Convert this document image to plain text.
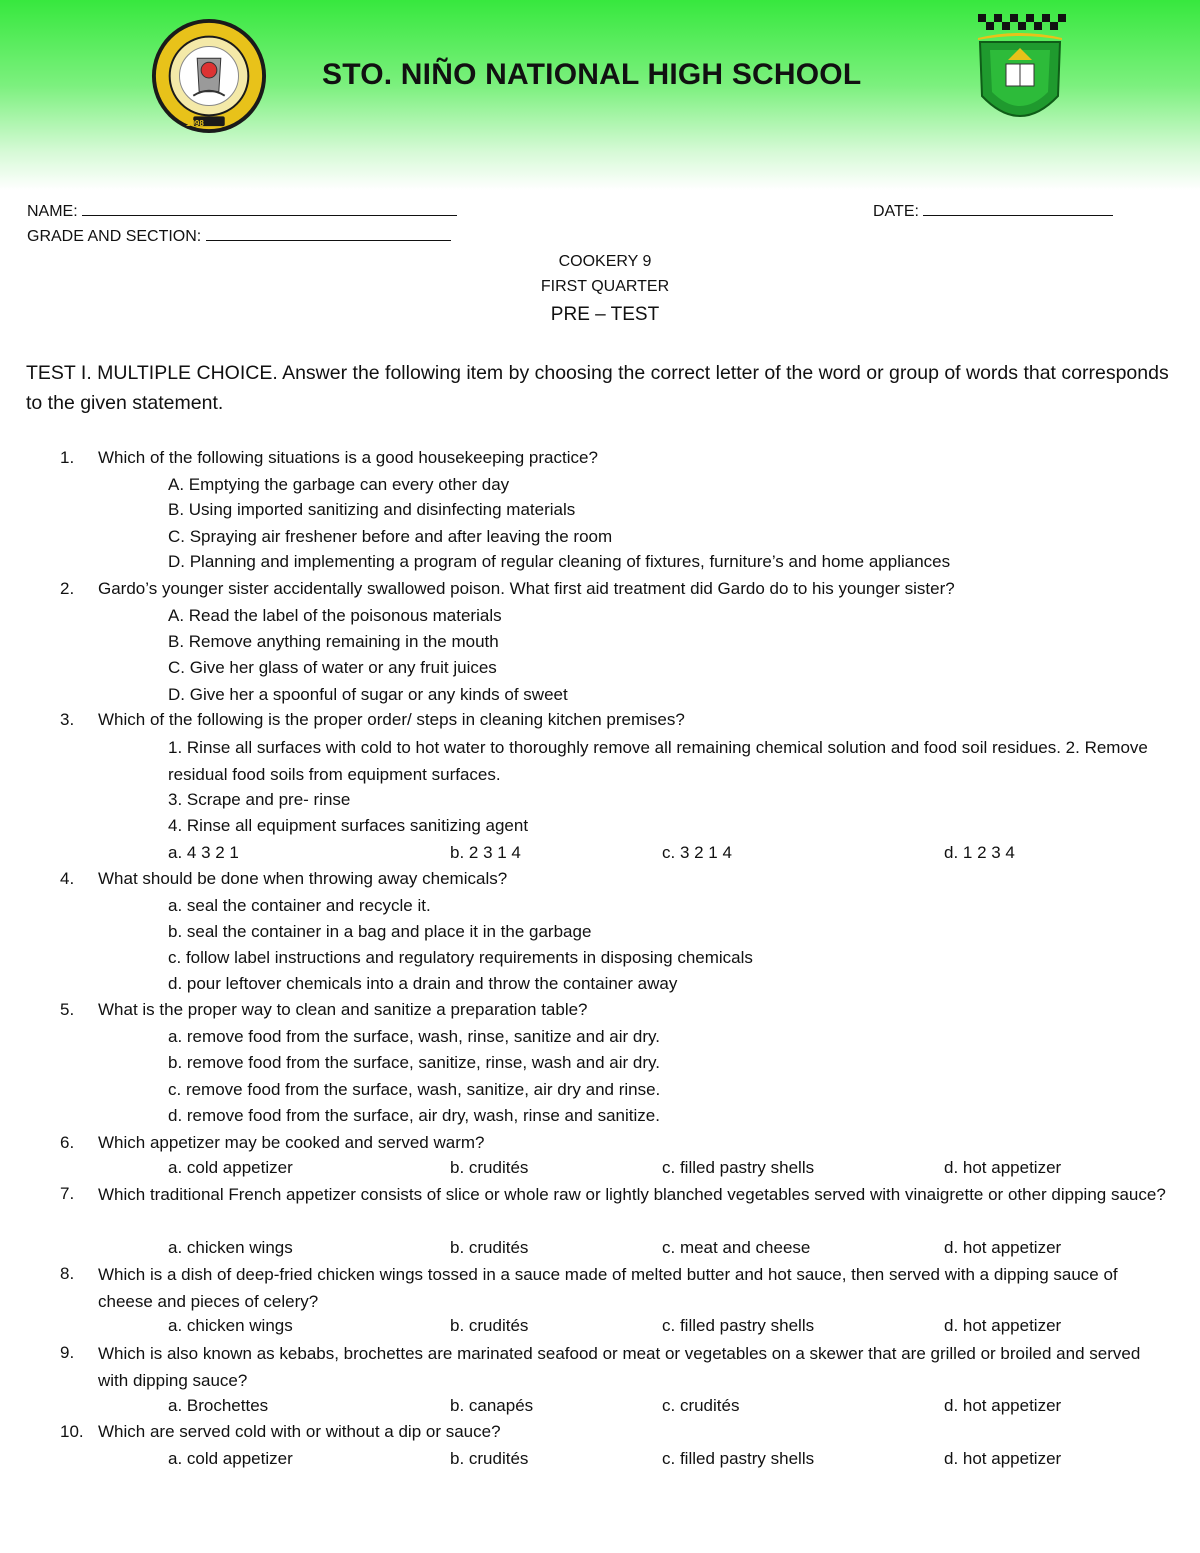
1998
STO. NIÑO NATIONAL HIGH SCHOOL
NAME:	DATE:
GRADE AND SECTION:
COOKERY 9
FIRST QUARTER
PRE – TEST
TEST I. MULTIPLE CHOICE. Answer the following item by choosing the correct letter of the word or group of words that corresponds to the given statement.
1. Which of the following situations is a good housekeeping practice?
A. Emptying the garbage can every other day
B. Using imported sanitizing and disinfecting materials
C. Spraying air freshener before and after leaving the room
D. Planning and implementing a program of regular cleaning of fixtures, furniture’s and home appliances
2. Gardo’s younger sister accidentally swallowed poison. What first aid treatment did Gardo do to his younger sister?
A. Read the label of the poisonous materials
B. Remove anything remaining in the mouth
C. Give her glass of water or any fruit juices
D. Give her a spoonful of sugar or any kinds of sweet
3. Which of the following is the proper order/ steps in cleaning kitchen premises?
1. Rinse all surfaces with cold to hot water to thoroughly remove all remaining chemical solution and food soil residues. 2. Remove residual food soils from equipment surfaces.
3. Scrape and pre- rinse
4. Rinse all equipment surfaces sanitizing agent
a. 4 3 2 1	b. 2 3 1 4	c. 3 2 1 4	d. 1 2 3 4
4. What should be done when throwing away chemicals?
a. seal the container and recycle it.
b. seal the container in a bag and place it in the garbage
c. follow label instructions and regulatory requirements in disposing chemicals
d. pour leftover chemicals into a drain and throw the container away
5. What is the proper way to clean and sanitize a preparation table?
a. remove food from the surface, wash, rinse, sanitize and air dry.
b. remove food from the surface, sanitize, rinse, wash and air dry.
c. remove food from the surface, wash, sanitize, air dry and rinse.
d. remove food from the surface, air dry, wash, rinse and sanitize.
6. Which appetizer may be cooked and served warm?
a. cold appetizer	b. crudités	c. filled pastry shells	d. hot appetizer
7. Which traditional French appetizer consists of slice or whole raw or lightly blanched vegetables served with vinaigrette or other dipping sauce?
a. chicken wings	b. crudités	c. meat and cheese	d. hot appetizer
8. Which is a dish of deep-fried chicken wings tossed in a sauce made of melted butter and hot sauce, then served with a dipping sauce of cheese and pieces of celery?
a. chicken wings	b. crudités	c. filled pastry shells	d. hot appetizer
9. Which is also known as kebabs, brochettes are marinated seafood or meat or vegetables on a skewer that are grilled or broiled and served with dipping sauce?
a. Brochettes	b. canapés	c. crudités	d. hot appetizer
10. Which are served cold with or without a dip or sauce?
a. cold appetizer	b. crudités	c. filled pastry shells	d. hot appetizer
